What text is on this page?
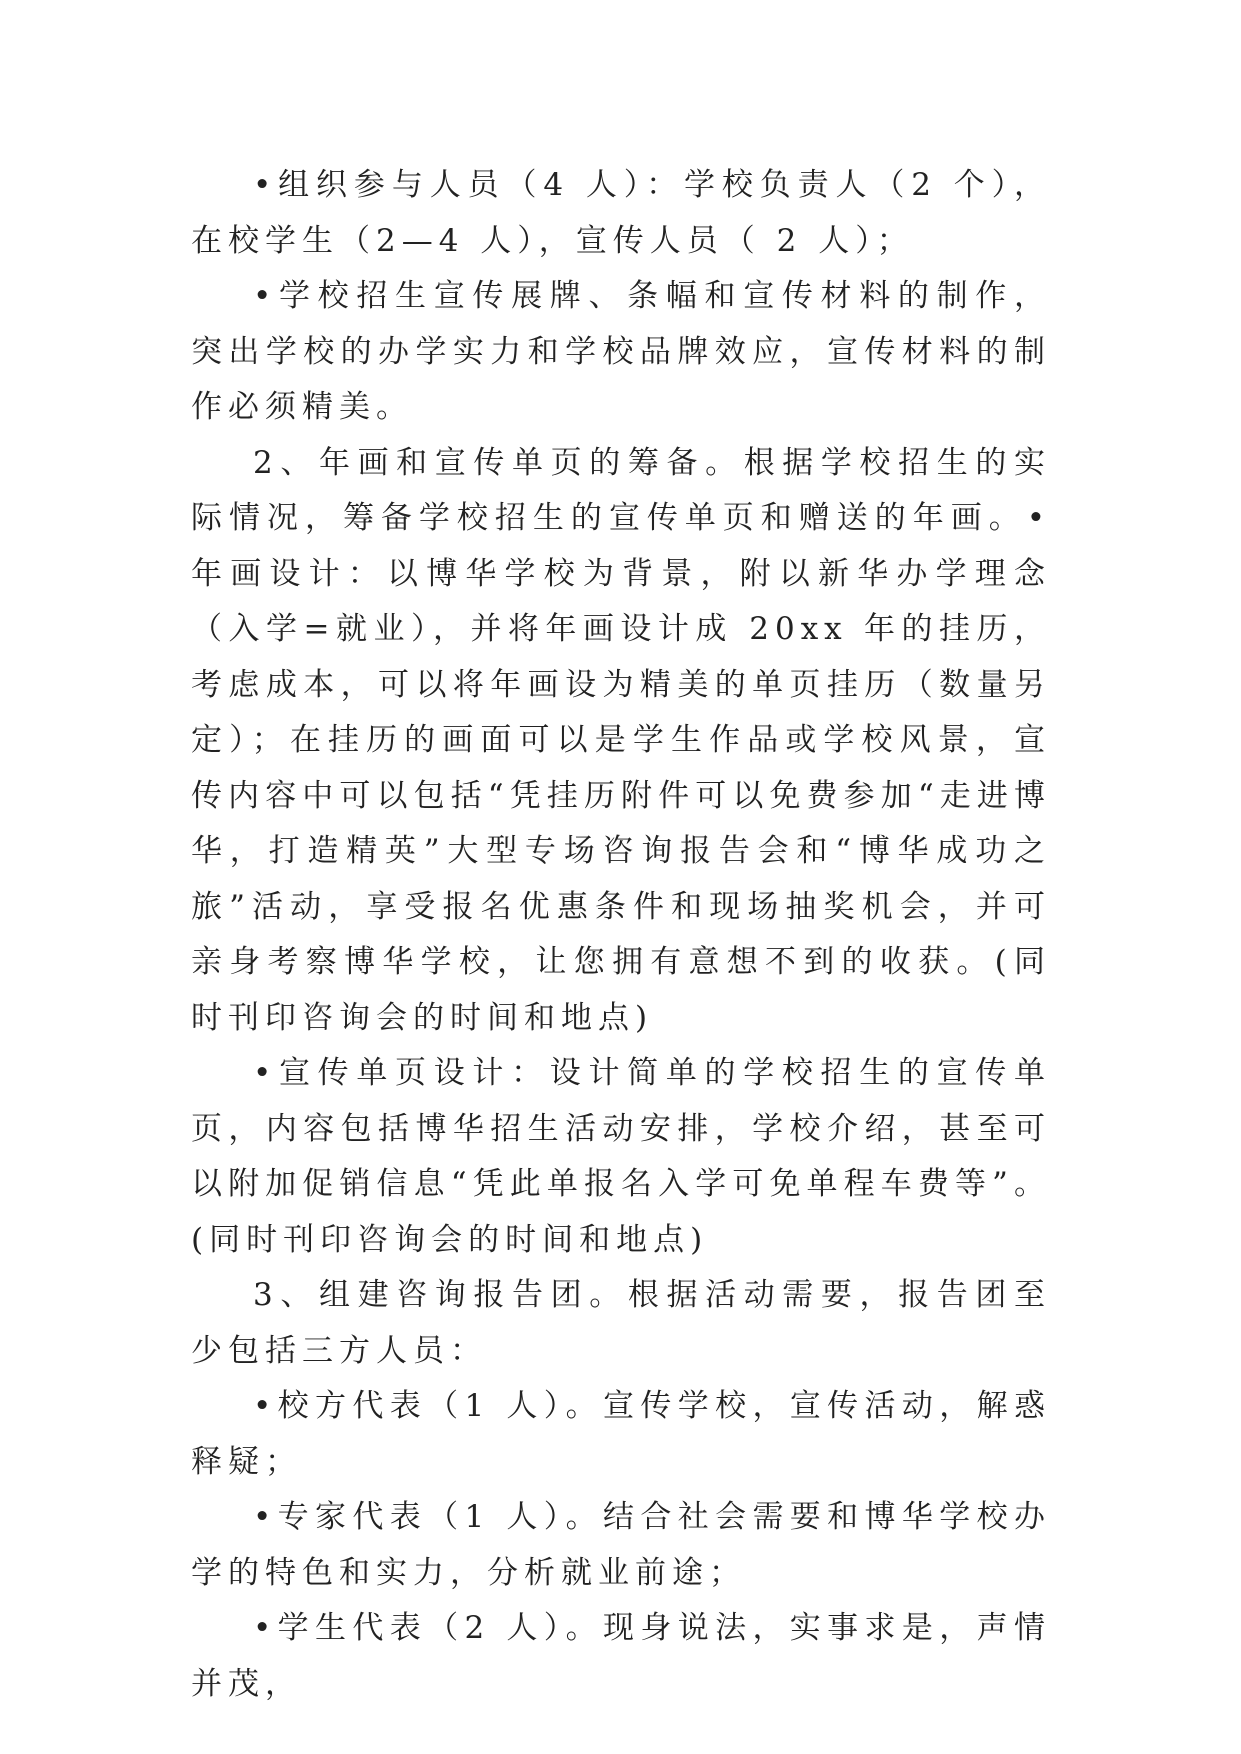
•组织参与人员（4 人）：学校负责人（2 个），在校学生（2—4 人），宣传人员（ 2 人）；

•学校招生宣传展牌、条幅和宣传材料的制作，突出学校的办学实力和学校品牌效应，宣传材料的制作必须精美。

2、年画和宣传单页的筹备。根据学校招生的实际情况，筹备学校招生的宣传单页和赠送的年画。•年画设计：以博华学校为背景，附以新华办学理念（入学=就业），并将年画设计成 20xx 年的挂历，考虑成本，可以将年画设为精美的单页挂历（数量另定）；在挂历的画面可以是学生作品或学校风景，宣传内容中可以包括“凭挂历附件可以免费参加“走进博华，打造精英”大型专场咨询报告会和“博华成功之旅”活动，享受报名优惠条件和现场抽奖机会，并可亲身考察博华学校，让您拥有意想不到的收获。(同时刊印咨询会的时间和地点)

•宣传单页设计：设计简单的学校招生的宣传单页，内容包括博华招生活动安排，学校介绍，甚至可以附加促销信息“凭此单报名入学可免单程车费等”。(同时刊印咨询会的时间和地点)

3、组建咨询报告团。根据活动需要，报告团至少包括三方人员：

•校方代表（1 人）。宣传学校，宣传活动，解惑释疑；

•专家代表（1 人）。结合社会需要和博华学校办学的特色和实力，分析就业前途；

•学生代表（2 人）。现身说法，实事求是，声情并茂，
